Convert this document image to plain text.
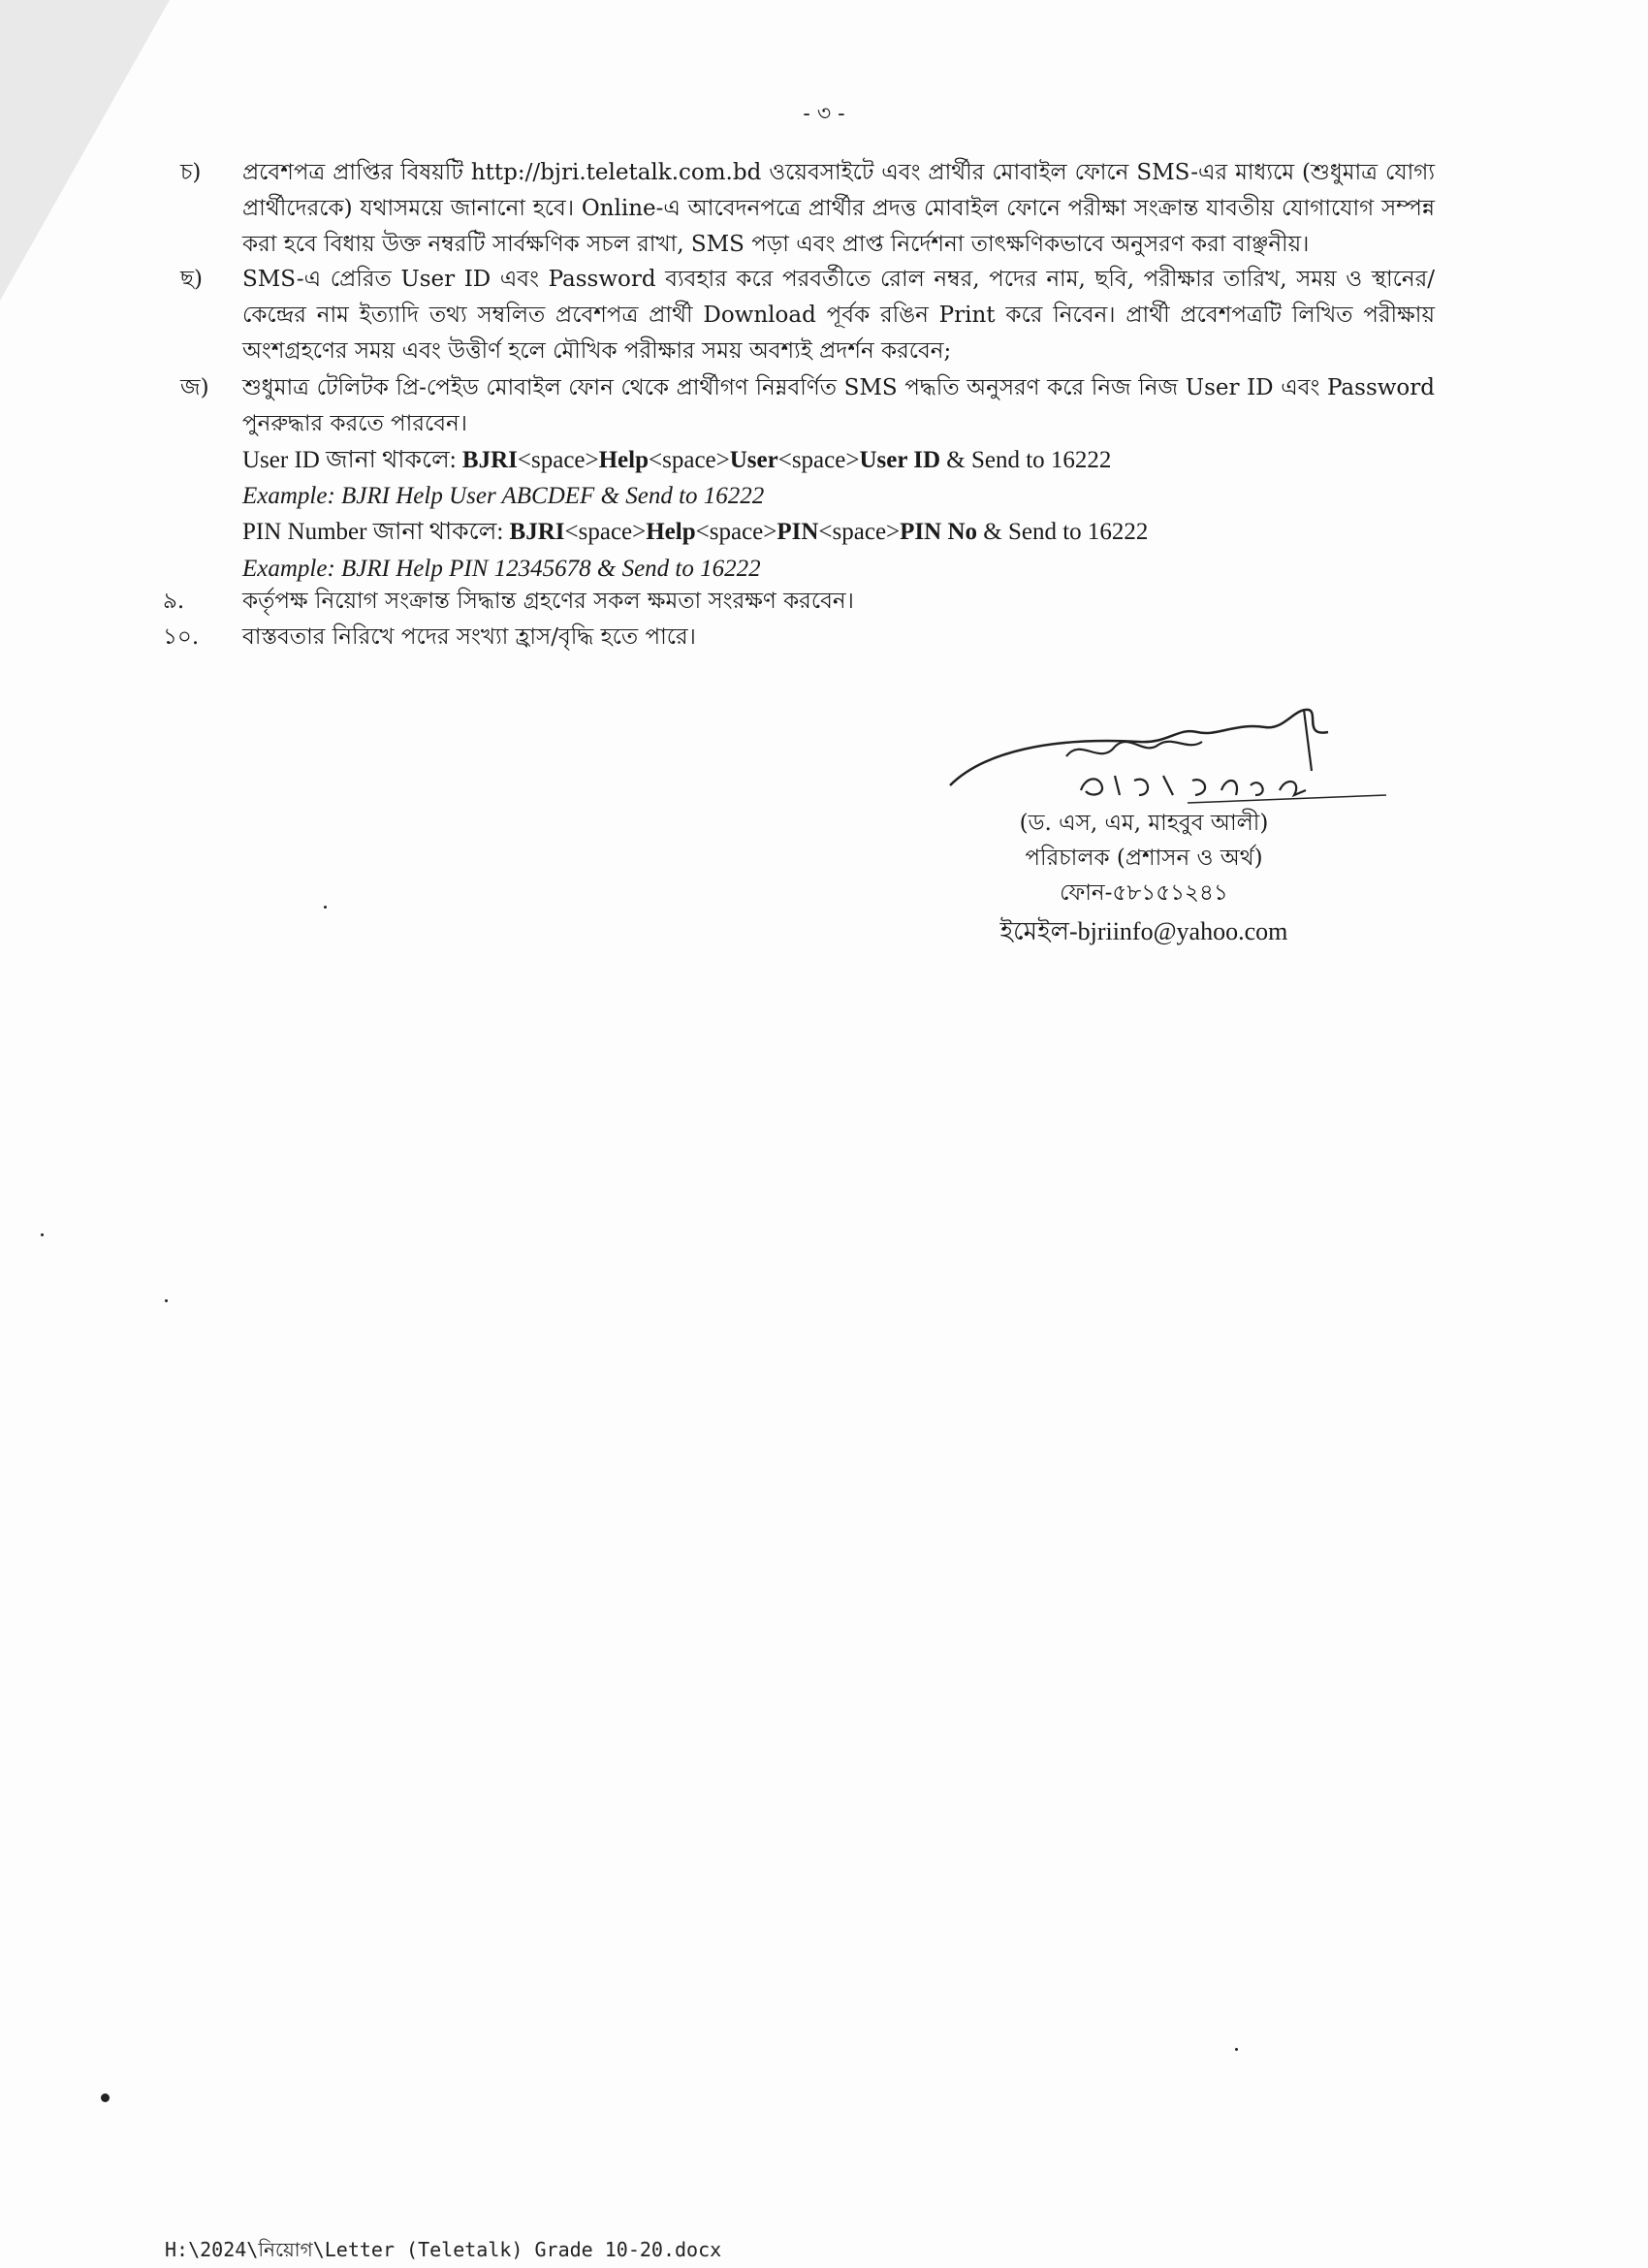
- ৩ -
চ) প্রবেশপত্র প্রাপ্তির বিষয়টি http://bjri.teletalk.com.bd ওয়েবসাইটে এবং প্রার্থীর মোবাইল ফোনে SMS-এর মাধ্যমে (শুধুমাত্র যোগ্য প্রার্থীদেরকে) যথাসময়ে জানানো হবে। Online-এ আবেদনপত্রে প্রার্থীর প্রদত্ত মোবাইল ফোনে পরীক্ষা সংক্রান্ত যাবতীয় যোগাযোগ সম্পন্ন করা হবে বিধায় উক্ত নম্বরটি সার্বক্ষণিক সচল রাখা, SMS পড়া এবং প্রাপ্ত নির্দেশনা তাৎক্ষণিকভাবে অনুসরণ করা বাঞ্ছনীয়।
ছ) SMS-এ প্রেরিত User ID এবং Password ব্যবহার করে পরবর্তীতে রোল নম্বর, পদের নাম, ছবি, পরীক্ষার তারিখ, সময় ও স্থানের/কেন্দ্রের নাম ইত্যাদি তথ্য সম্বলিত প্রবেশপত্র প্রার্থী Download পূর্বক রঙিন Print করে নিবেন। প্রার্থী প্রবেশপত্রটি লিখিত পরীক্ষায় অংশগ্রহণের সময় এবং উত্তীর্ণ হলে মৌখিক পরীক্ষার সময় অবশ্যই প্রদর্শন করবেন;
জ) শুধুমাত্র টেলিটক প্রি-পেইড মোবাইল ফোন থেকে প্রার্থীগণ নিম্নবর্ণিত SMS পদ্ধতি অনুসরণ করে নিজ নিজ User ID এবং Password পুনরুদ্ধার করতে পারবেন।
User ID জানা থাকলে: BJRI<space>Help<space>User<space>User ID & Send to 16222
Example: BJRI Help User ABCDEF & Send to 16222
PIN Number জানা থাকলে: BJRI<space>Help<space>PIN<space>PIN No & Send to 16222
Example: BJRI Help PIN 12345678 & Send to 16222
৯.	কর্তৃপক্ষ নিয়োগ সংক্রান্ত সিদ্ধান্ত গ্রহণের সকল ক্ষমতা সংরক্ষণ করবেন।
১০. বাস্তবতার নিরিখে পদের সংখ্যা হ্রাস/বৃদ্ধি হতে পারে।
(ড. এস, এম, মাহবুব আলী)
পরিচালক (প্রশাসন ও অর্থ)
ফোন-৫৮১৫১২৪১
ইমেইল-bjriinfo@yahoo.com
H:\2024\নিয়োগ\Letter (Teletalk) Grade 10-20.docx
